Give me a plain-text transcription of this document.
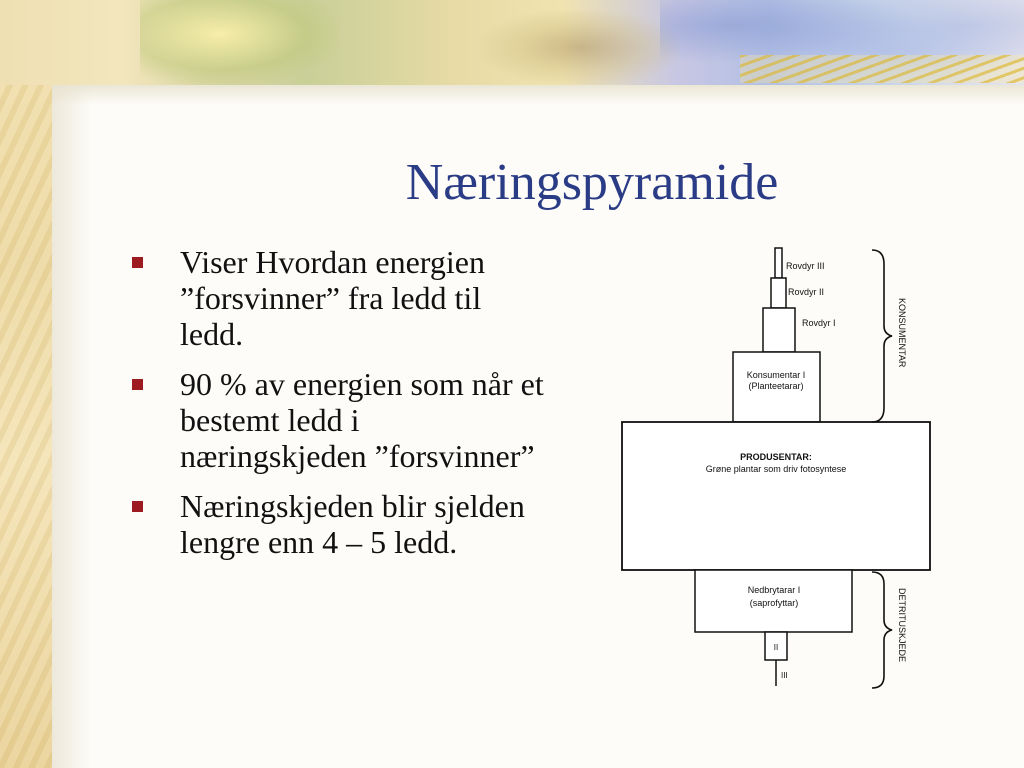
Næringspyramide
Viser Hvordan energien ”forsvinner” fra ledd til ledd.
90 % av energien som når et bestemt ledd i næringskjeden ”forsvinner”
Næringskjeden blir sjelden lengre enn 4 – 5 ledd.
Rovdyr III
Rovdyr II
Rovdyr I
Konsumentar I
(Planteetarar)
PRODUSENTAR:
Grøne plantar som driv fotosyntese
Nedbrytarar I
(saprofyttar)
II
III
KONSUMENTAR
DETRITUSKJEDE
